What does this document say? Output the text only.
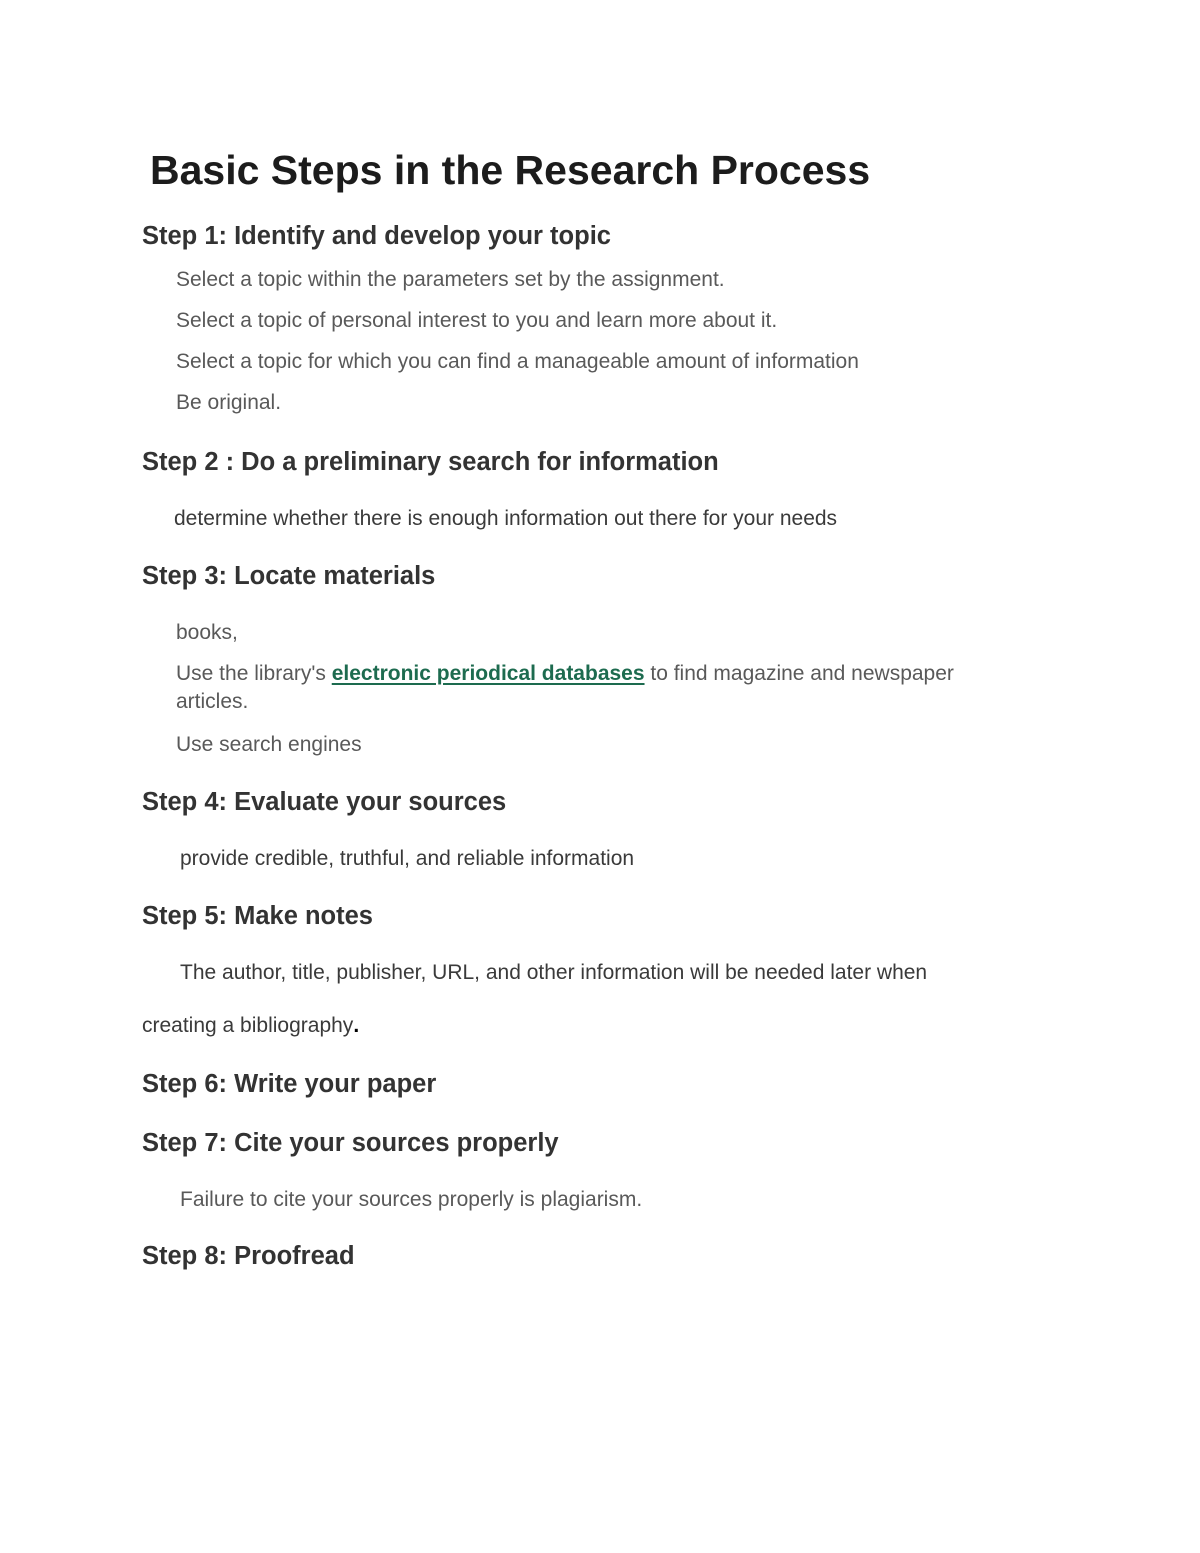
Basic Steps in the Research Process
Step 1: Identify and develop your topic

Select a topic within the parameters set by the assignment.

Select a topic of personal interest to you and learn more about it.

Select a topic for which you can find a manageable amount of information

Be original.

Step 2 : Do a preliminary search for information

determine whether there is enough information out there for your needs

Step 3: Locate materials

books,

Use the library's electronic periodical databases to find magazine and newspaper
articles.

Use search engines

Step 4: Evaluate your sources

provide credible, truthful, and reliable information

Step 5: Make notes

The author, title, publisher, URL, and other information will be needed later when

creating a bibliography.

Step 6: Write your paper
Step 7: Cite your sources properly

Failure to cite your sources properly is plagiarism.

Step 8: Proofread
